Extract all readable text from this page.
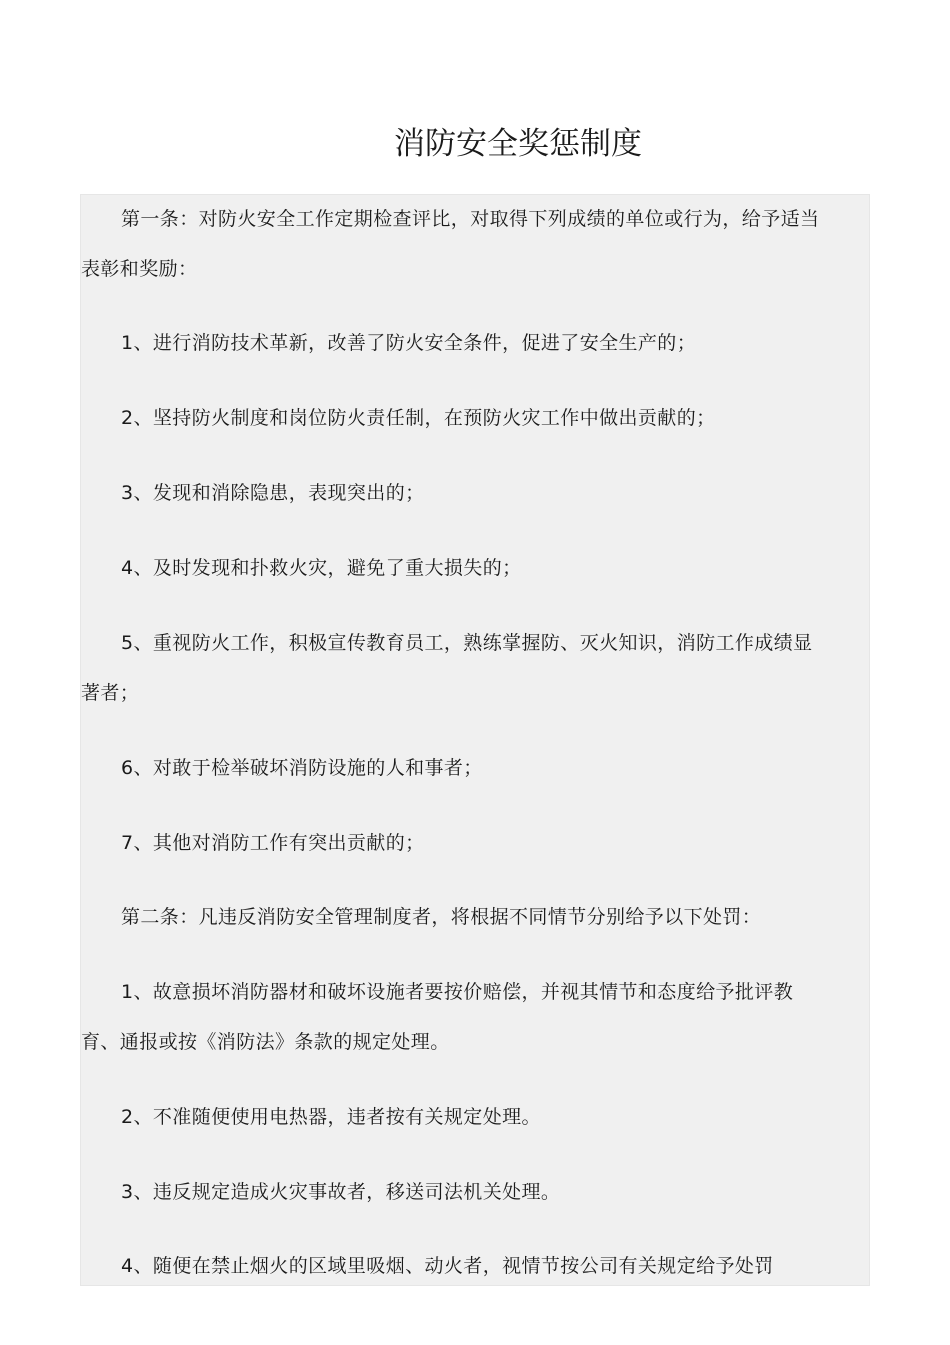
消防安全奖惩制度

第一条：对防火安全工作定期检查评比，对取得下列成绩的单位或行为，给予适当表彰和奖励：

1、进行消防技术革新，改善了防火安全条件，促进了安全生产的；

2、坚持防火制度和岗位防火责任制，在预防火灾工作中做出贡献的；

3、发现和消除隐患，表现突出的；

4、及时发现和扑救火灾，避免了重大损失的；

5、重视防火工作，积极宣传教育员工，熟练掌握防、灭火知识，消防工作成绩显著者；

6、对敢于检举破坏消防设施的人和事者；

7、其他对消防工作有突出贡献的；

第二条：凡违反消防安全管理制度者，将根据不同情节分别给予以下处罚：

1、故意损坏消防器材和破坏设施者要按价赔偿，并视其情节和态度给予批评教育、通报或按《消防法》条款的规定处理。

2、不准随便使用电热器，违者按有关规定处理。

3、违反规定造成火灾事故者，移送司法机关处理。

4、随便在禁止烟火的区域里吸烟、动火者，视情节按公司有关规定给予处罚
